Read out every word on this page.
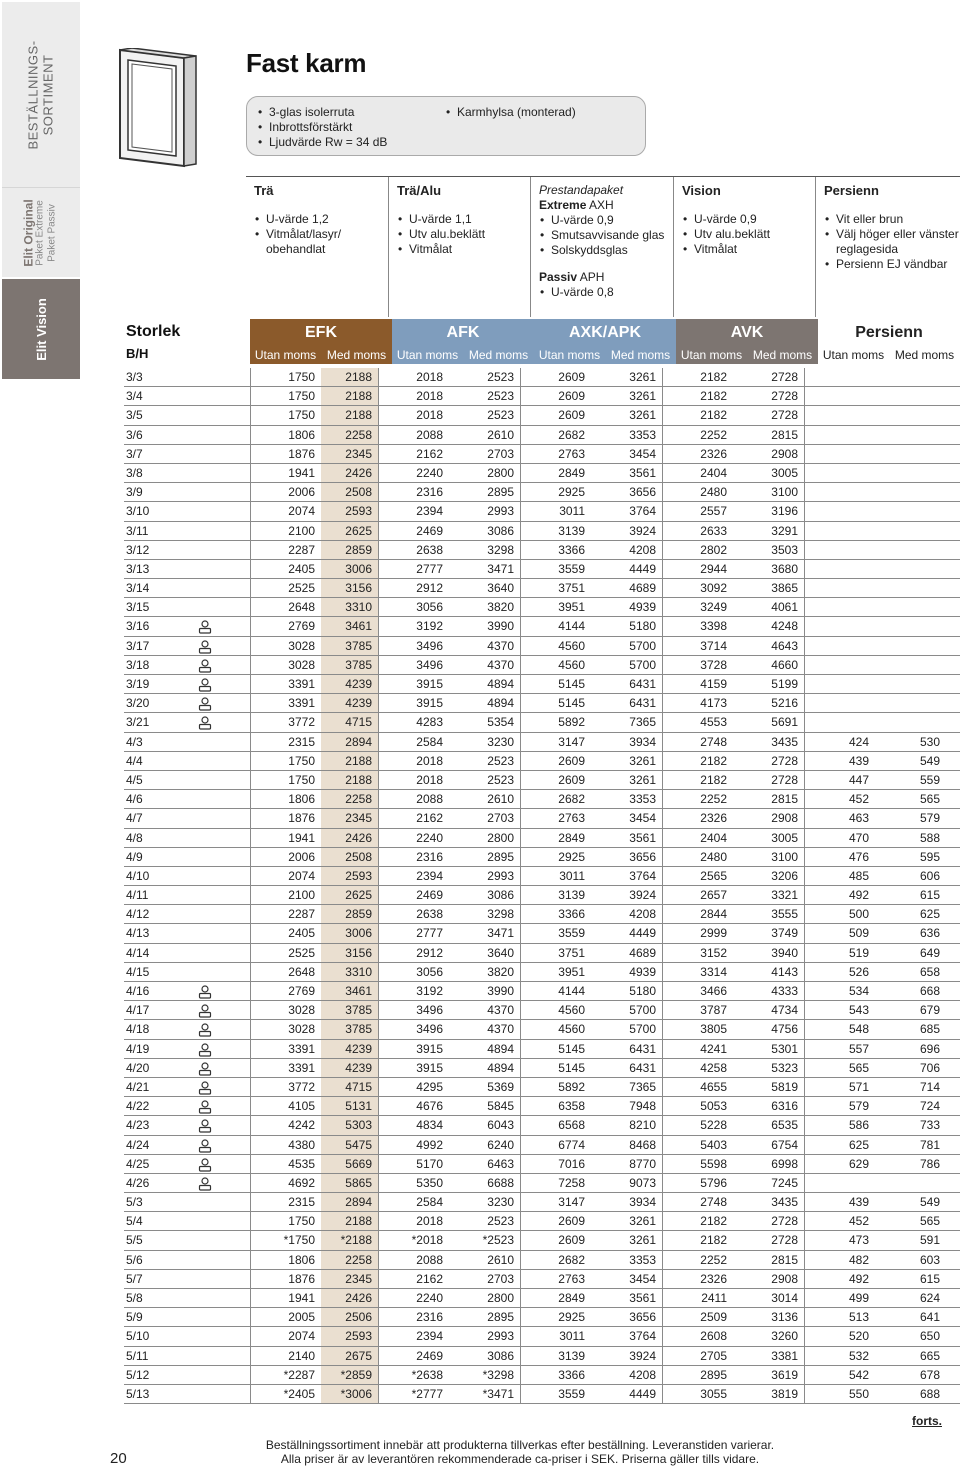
BESTÄLLNINGS- SORTIMENT
Elit Original Paket Extreme Paket Passiv
Elit Vision
Fast karm
• 3-glas isolerruta
• Inbrottsförstärkt
• Ljudvärde Rw = 34 dB
• Karmhylsa (monterad)
Trä
• U-värde 1,2
• Vitmålat/lasyr/ obehandlat
Trä/Alu
• U-värde 1,1
• Utv alu.beklätt
• Vitmålat
Prestandapaket
Extreme AXH
• U-värde 0,9
• Smutsavvisande glas
• Solskyddsglas
Passiv APH
• U-värde 0,8
Vision
• U-värde 0,9
• Utv alu.beklätt
• Vitmålat
Persienn
• Vit eller brun
• Välj höger eller vänster reglagesida
• Persienn EJ vändbar
Storlek
B/H
EFK
Utan moms Med moms
AFK
Utan moms Med moms
AXK/APK
Utan moms Med moms
AVK
Utan moms Med moms
Persienn
Utan moms Med moms
3/3	1750	2188	2018	2523	2609	3261	2182	2728
3/4	1750	2188	2018	2523	2609	3261	2182	2728
3/5	1750	2188	2018	2523	2609	3261	2182	2728
3/6	1806	2258	2088	2610	2682	3353	2252	2815
3/7	1876	2345	2162	2703	2763	3454	2326	2908
3/8	1941	2426	2240	2800	2849	3561	2404	3005
3/9	2006	2508	2316	2895	2925	3656	2480	3100
3/10	2074	2593	2394	2993	3011	3764	2557	3196
3/11	2100	2625	2469	3086	3139	3924	2633	3291
3/12	2287	2859	2638	3298	3366	4208	2802	3503
3/13	2405	3006	2777	3471	3559	4449	2944	3680
3/14	2525	3156	2912	3640	3751	4689	3092	3865
3/15	2648	3310	3056	3820	3951	4939	3249	4061
3/16	2769	3461	3192	3990	4144	5180	3398	4248
3/17	3028	3785	3496	4370	4560	5700	3714	4643
3/18	3028	3785	3496	4370	4560	5700	3728	4660
3/19	3391	4239	3915	4894	5145	6431	4159	5199
3/20	3391	4239	3915	4894	5145	6431	4173	5216
3/21	3772	4715	4283	5354	5892	7365	4553	5691
4/3	2315	2894	2584	3230	3147	3934	2748	3435	424	530
4/4	1750	2188	2018	2523	2609	3261	2182	2728	439	549
4/5	1750	2188	2018	2523	2609	3261	2182	2728	447	559
4/6	1806	2258	2088	2610	2682	3353	2252	2815	452	565
4/7	1876	2345	2162	2703	2763	3454	2326	2908	463	579
4/8	1941	2426	2240	2800	2849	3561	2404	3005	470	588
4/9	2006	2508	2316	2895	2925	3656	2480	3100	476	595
4/10	2074	2593	2394	2993	3011	3764	2565	3206	485	606
4/11	2100	2625	2469	3086	3139	3924	2657	3321	492	615
4/12	2287	2859	2638	3298	3366	4208	2844	3555	500	625
4/13	2405	3006	2777	3471	3559	4449	2999	3749	509	636
4/14	2525	3156	2912	3640	3751	4689	3152	3940	519	649
4/15	2648	3310	3056	3820	3951	4939	3314	4143	526	658
4/16	2769	3461	3192	3990	4144	5180	3466	4333	534	668
4/17	3028	3785	3496	4370	4560	5700	3787	4734	543	679
4/18	3028	3785	3496	4370	4560	5700	3805	4756	548	685
4/19	3391	4239	3915	4894	5145	6431	4241	5301	557	696
4/20	3391	4239	3915	4894	5145	6431	4258	5323	565	706
4/21	3772	4715	4295	5369	5892	7365	4655	5819	571	714
4/22	4105	5131	4676	5845	6358	7948	5053	6316	579	724
4/23	4242	5303	4834	6043	6568	8210	5228	6535	586	733
4/24	4380	5475	4992	6240	6774	8468	5403	6754	625	781
4/25	4535	5669	5170	6463	7016	8770	5598	6998	629	786
4/26	4692	5865	5350	6688	7258	9073	5796	7245
5/3	2315	2894	2584	3230	3147	3934	2748	3435	439	549
5/4	1750	2188	2018	2523	2609	3261	2182	2728	452	565
5/5	*1750	*2188	*2018	*2523	2609	3261	2182	2728	473	591
5/6	1806	2258	2088	2610	2682	3353	2252	2815	482	603
5/7	1876	2345	2162	2703	2763	3454	2326	2908	492	615
5/8	1941	2426	2240	2800	2849	3561	2411	3014	499	624
5/9	2005	2506	2316	2895	2925	3656	2509	3136	513	641
5/10	2074	2593	2394	2993	3011	3764	2608	3260	520	650
5/11	2140	2675	2469	3086	3139	3924	2705	3381	532	665
5/12	*2287	*2859	*2638	*3298	3366	4208	2895	3619	542	678
5/13	*2405	*3006	*2777	*3471	3559	4449	3055	3819	550	688
forts.
20
Beställningssortiment innebär att produkterna tillverkas efter beställning. Leveranstiden varierar.
Alla priser är av leverantören rekommenderade ca-priser i SEK. Priserna gäller tills vidare.
